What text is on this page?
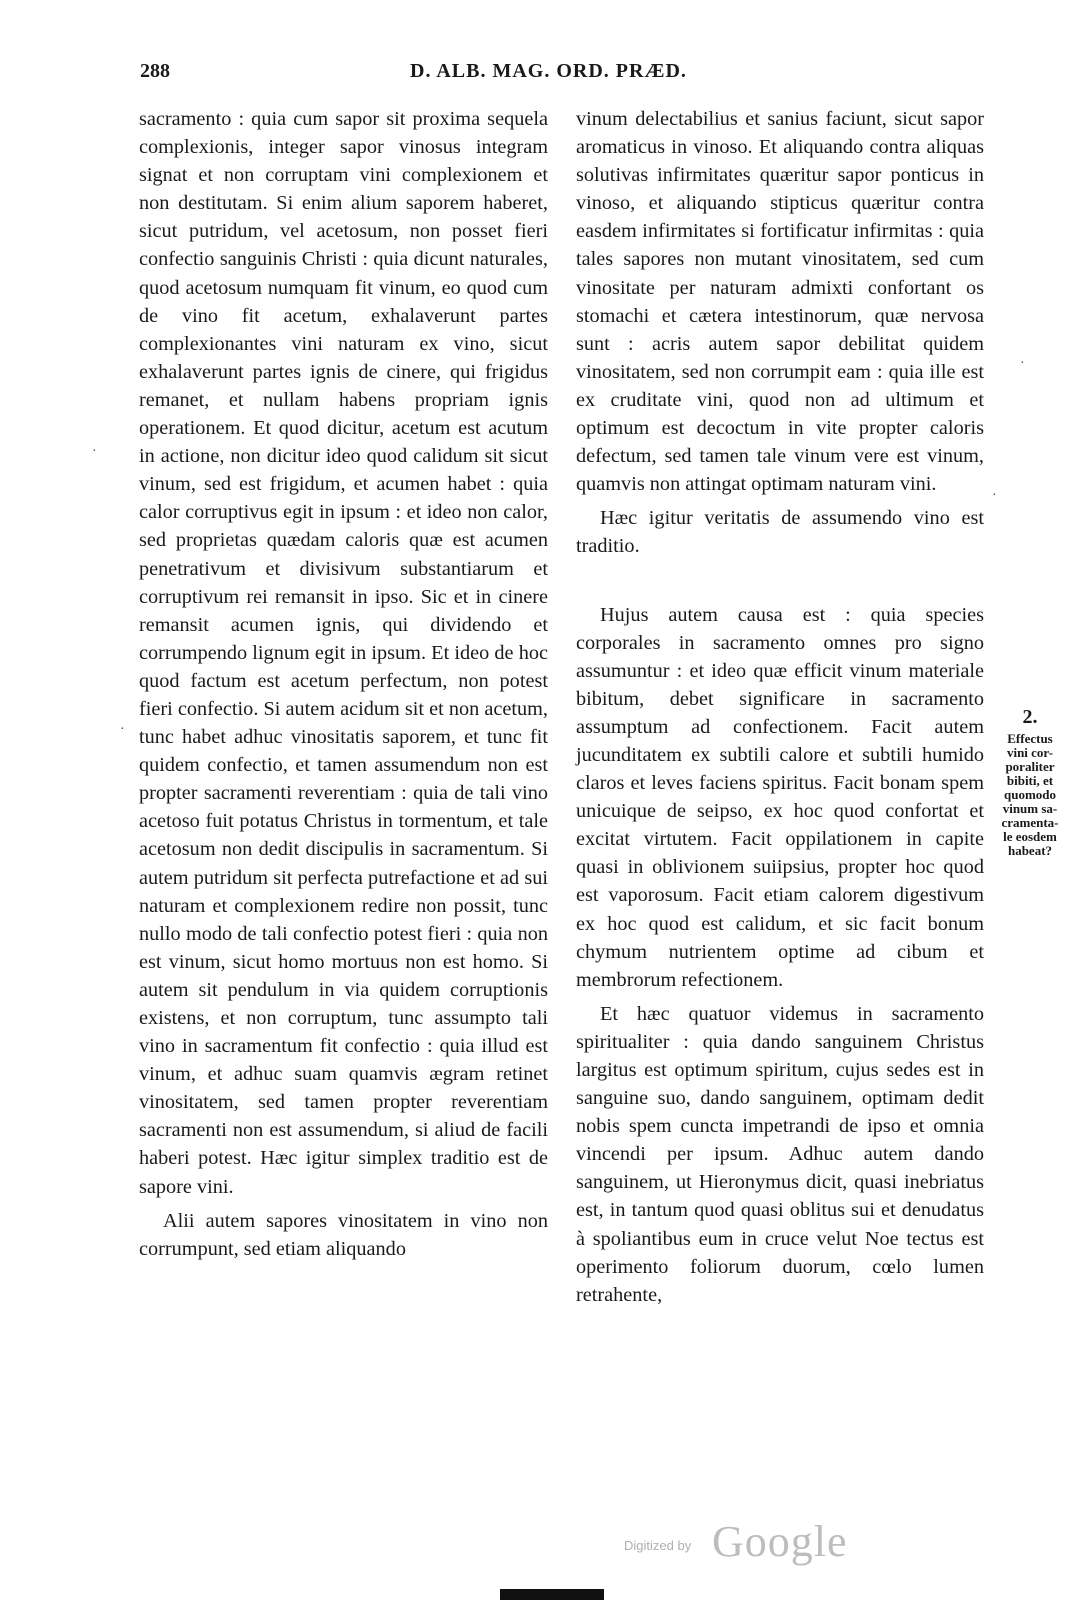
288	D. ALB. MAG. ORD. PRÆD.

sacramento : quia cum sapor sit proxima sequela complexionis, integer sapor vinosus integram signat et non corruptam vini complexionem et non destitutam. Si enim alium saporem haberet, sicut putridum, vel acetosum, non posset fieri confectio sanguinis Christi : quia dicunt naturales, quod acetosum numquam fit vinum, eo quod cum de vino fit acetum, exhalaverunt partes complexionantes vini naturam ex vino, sicut exhalaverunt partes ignis de cinere, qui frigidus remanet, et nullam habens propriam ignis operationem. Et quod dicitur, acetum est acutum in actione, non dicitur ideo quod calidum sit sicut vinum, sed est frigidum, et acumen habet : quia calor corruptivus egit in ipsum : et ideo non calor, sed proprietas quædam caloris quæ est acumen penetrativum et divisivum substantiarum et corruptivum rei remansit in ipso. Sic et in cinere remansit acumen ignis, qui dividendo et corrumpendo lignum egit in ipsum. Et ideo de hoc quod factum est acetum perfectum, non potest fieri confectio. Si autem acidum sit et non acetum, tunc habet adhuc vinositatis saporem, et tunc fit quidem confectio, et tamen assumendum non est propter sacramenti reverentiam : quia de tali vino acetoso fuit potatus Christus in tormentum, et tale acetosum non dedit discipulis in sacramentum. Si autem putridum sit perfecta putrefactione et ad sui naturam et complexionem redire non possit, tunc nullo modo de tali confectio potest fieri : quia non est vinum, sicut homo mortuus non est homo. Si autem sit pendulum in via quidem corruptionis existens, et non corruptum, tunc assumpto tali vino in sacramentum fit confectio : quia illud est vinum, et adhuc suam quamvis ægram retinet vinositatem, sed tamen propter reverentiam sacramenti non est assumendum, si aliud de facili haberi potest. Hæc igitur simplex traditio est de sapore vini.

Alii autem sapores vinositatem in vino non corrumpunt, sed etiam aliquando

vinum delectabilius et sanius faciunt, sicut sapor aromaticus in vinoso. Et aliquando contra aliquas solutivas infirmitates quæritur sapor ponticus in vinoso, et aliquando stipticus quæritur contra easdem infirmitates si fortificatur infirmitas : quia tales sapores non mutant vinositatem, sed cum vinositate per naturam admixti confortant os stomachi et cætera intestinorum, quæ nervosa sunt : acris autem sapor debilitat quidem vinositatem, sed non corrumpit eam : quia ille est ex cruditate vini, quod non ad ultimum et optimum est decoctum in vite propter caloris defectum, sed tamen tale vinum vere est vinum, quamvis non attingat optimam naturam vini.

Hæc igitur veritatis de assumendo vino est traditio.

Hujus autem causa est : quia species corporales in sacramento omnes pro signo assumuntur : et ideo quæ efficit vinum materiale bibitum, debet significare in sacramento assumptum ad confectionem. Facit autem jucunditatem ex subtili calore et subtili humido claros et leves faciens spiritus. Facit bonam spem unicuique de seipso, ex hoc quod confortat et excitat virtutem. Facit oppilationem in capite quasi in oblivionem suiipsius, propter hoc quod est vaporosum. Facit etiam calorem digestivum ex hoc quod est calidum, et sic facit bonum chymum nutrientem optime ad cibum et membrorum refectionem.

Et hæc quatuor videmus in sacramento spiritualiter : quia dando sanguinem Christus largitus est optimum spiritum, cujus sedes est in sanguine suo, dando sanguinem, optimam dedit nobis spem cuncta impetrandi de ipso et omnia vincendi per ipsum. Adhuc autem dando sanguinem, ut Hieronymus dicit, quasi inebriatus est, in tantum quod quasi oblitus sui et denudatus à spoliantibus eum in cruce velut Noe tectus est operimento foliorum duorum, cœlo lumen retrahente,

2.
Effectus
vini cor-
poraliter
bibiti, et
quomodo
vinum sa-
cramenta-
le eosdem
habeat?
·
·
·
·
Digitized by Google
